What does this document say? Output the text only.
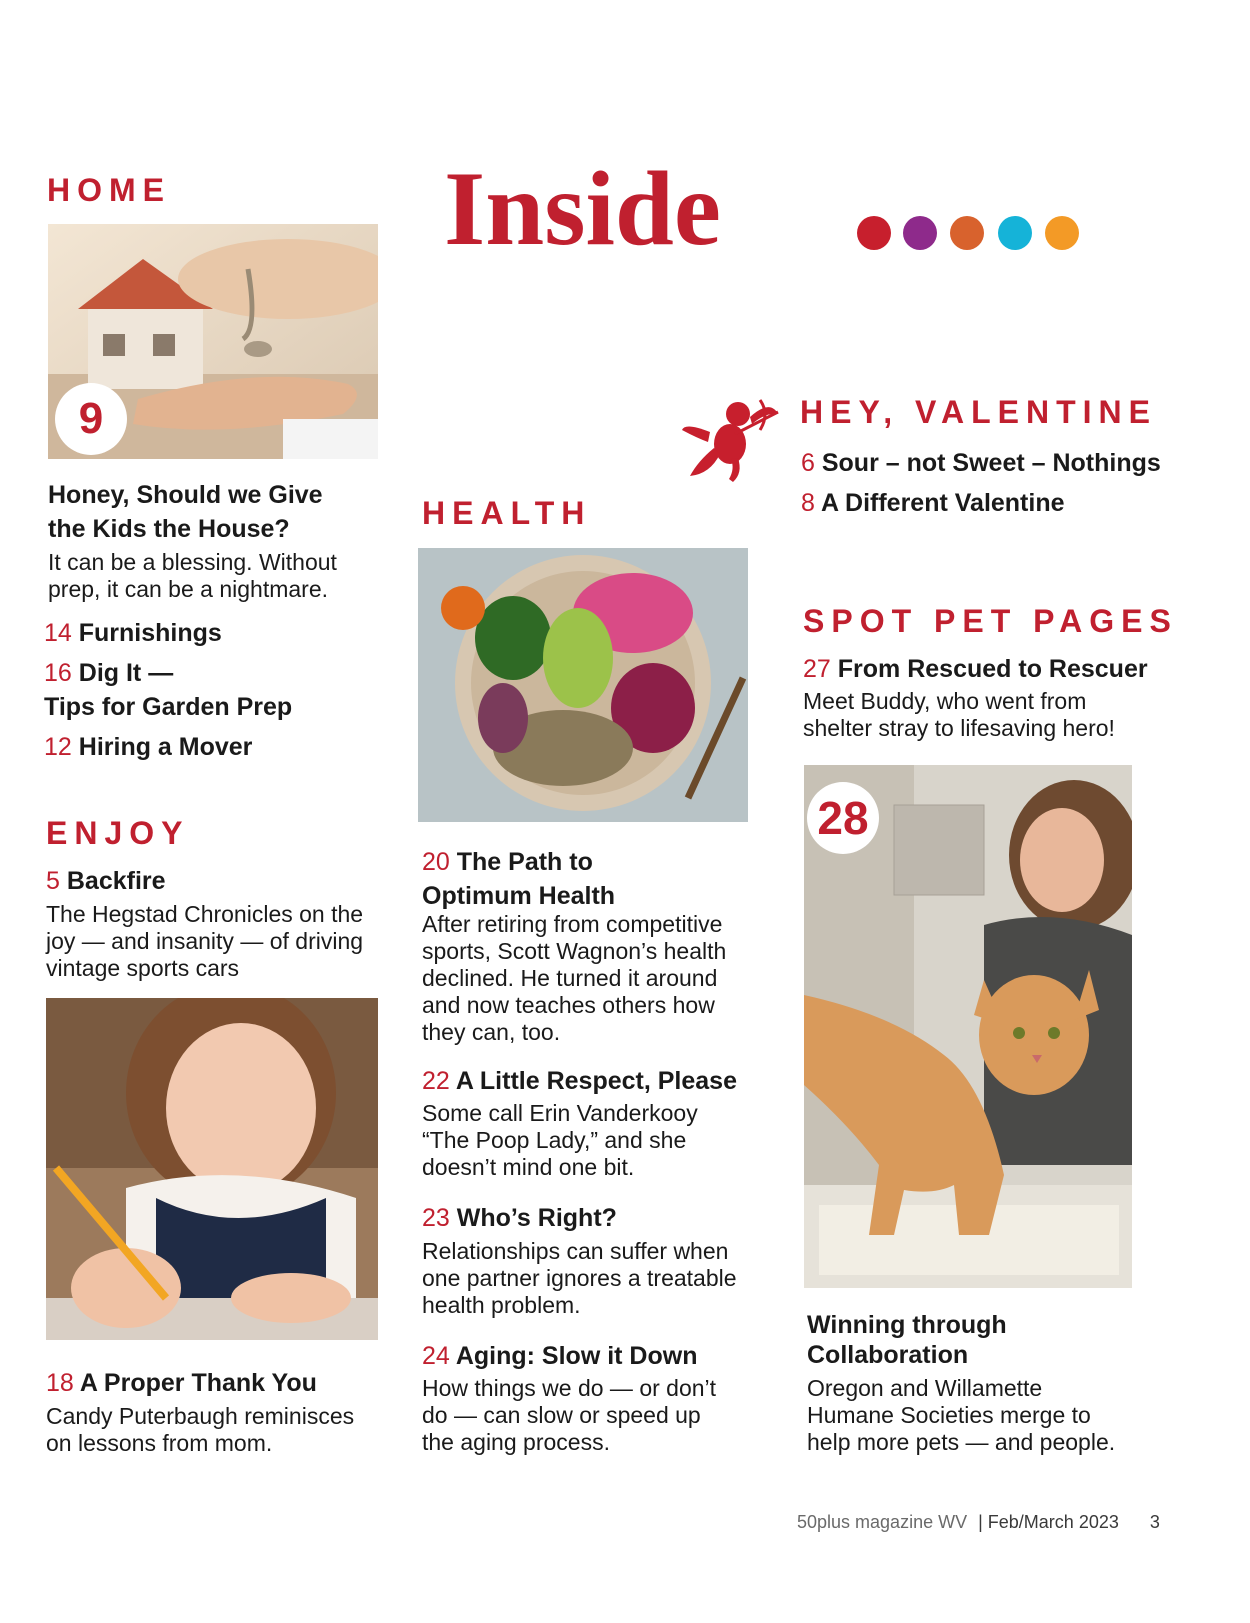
Inside
HOME
9
Honey, Should we Give
the Kids the House?
It can be a blessing. Without
prep, it can be a nightmare.
14 Furnishings
16 Dig It —
Tips for Garden Prep
12 Hiring a Mover
ENJOY
5 Backfire
The Hegstad Chronicles on the
joy — and insanity — of driving
vintage sports cars
18 A Proper Thank You
Candy Puterbaugh reminisces
on lessons from mom.
HEALTH
20 The Path to
Optimum Health
After retiring from competitive
sports, Scott Wagnon’s health
declined. He turned it around
and now teaches others how
they can, too.
22 A Little Respect, Please
Some call Erin Vanderkooy
“The Poop Lady,” and she
doesn’t mind one bit.
23 Who’s Right?
Relationships can suffer when
one partner ignores a treatable
health problem.
24 Aging: Slow it Down
How things we do — or don’t
do — can slow or speed up
the aging process.
HEY, VALENTINE
6 Sour – not Sweet – Nothings
8 A Different Valentine
SPOT PET PAGES
27 From Rescued to Rescuer
Meet Buddy, who went from
shelter stray to lifesaving hero!
28
Winning through
Collaboration
Oregon and Willamette
Humane Societies merge to
help more pets — and people.
50plus magazine WV | Feb/March 2023 3
